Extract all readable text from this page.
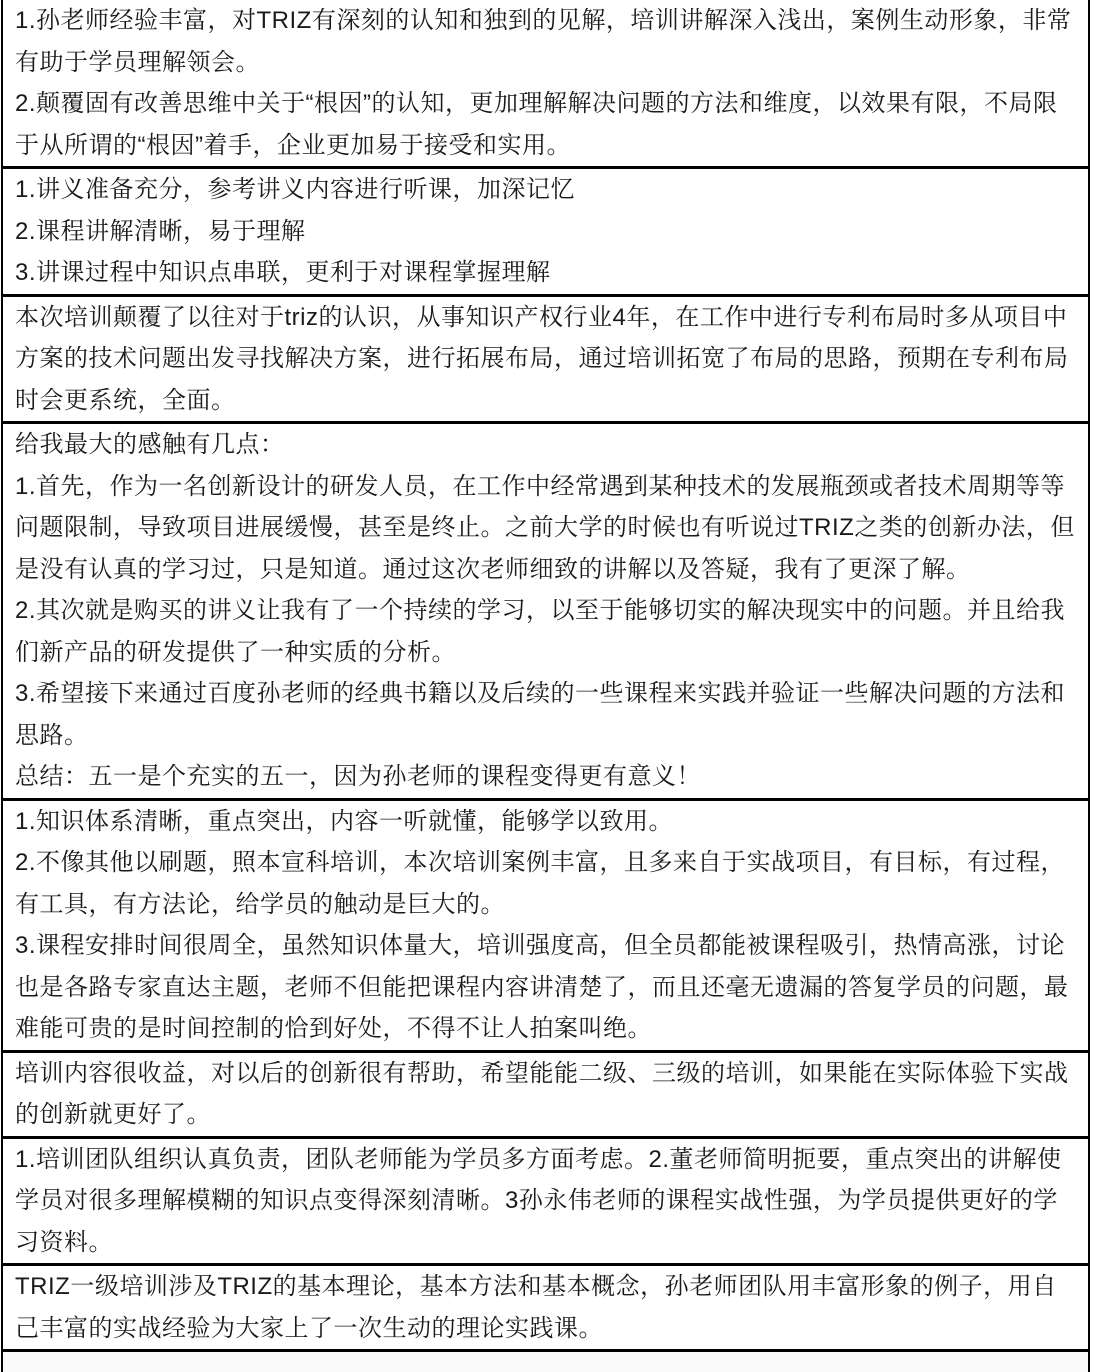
1.孙老师经验丰富，对TRIZ有深刻的认知和独到的见解，培训讲解深入浅出，案例生动形象，非常有助于学员理解领会。

2.颠覆固有改善思维中关于“根因”的认知，更加理解解决问题的方法和维度，以效果有限，不局限于从所谓的“根因”着手，企业更加易于接受和实用。

1.讲义准备充分，参考讲义内容进行听课，加深记忆

2.课程讲解清晰，易于理解

3.讲课过程中知识点串联，更利于对课程掌握理解

本次培训颠覆了以往对于triz的认识，从事知识产权行业4年，在工作中进行专利布局时多从项目中方案的技术问题出发寻找解决方案，进行拓展布局，通过培训拓宽了布局的思路，预期在专利布局时会更系统，全面。

给我最大的感触有几点：

1.首先，作为一名创新设计的研发人员，在工作中经常遇到某种技术的发展瓶颈或者技术周期等等问题限制，导致项目进展缓慢，甚至是终止。之前大学的时候也有听说过TRIZ之类的创新办法，但是没有认真的学习过，只是知道。通过这次老师细致的讲解以及答疑，我有了更深了解。

2.其次就是购买的讲义让我有了一个持续的学习，以至于能够切实的解决现实中的问题。并且给我们新产品的研发提供了一种实质的分析。

3.希望接下来通过百度孙老师的经典书籍以及后续的一些课程来实践并验证一些解决问题的方法和思路。

总结：五一是个充实的五一，因为孙老师的课程变得更有意义！

1.知识体系清晰，重点突出，内容一听就懂，能够学以致用。

2.不像其他以刷题，照本宣科培训，本次培训案例丰富，且多来自于实战项目，有目标，有过程，有工具，有方法论，给学员的触动是巨大的。

3.课程安排时间很周全，虽然知识体量大，培训强度高，但全员都能被课程吸引，热情高涨，讨论也是各路专家直达主题，老师不但能把课程内容讲清楚了，而且还毫无遗漏的答复学员的问题，最难能可贵的是时间控制的恰到好处，不得不让人拍案叫绝。

培训内容很收益，对以后的创新很有帮助，希望能能二级、三级的培训，如果能在实际体验下实战的创新就更好了。

1.培训团队组织认真负责，团队老师能为学员多方面考虑。2.董老师简明扼要，重点突出的讲解使学员对很多理解模糊的知识点变得深刻清晰。3孙永伟老师的课程实战性强，为学员提供更好的学习资料。

TRIZ一级培训涉及TRIZ的基本理论，基本方法和基本概念，孙老师团队用丰富形象的例子，用自己丰富的实战经验为大家上了一次生动的理论实践课。
